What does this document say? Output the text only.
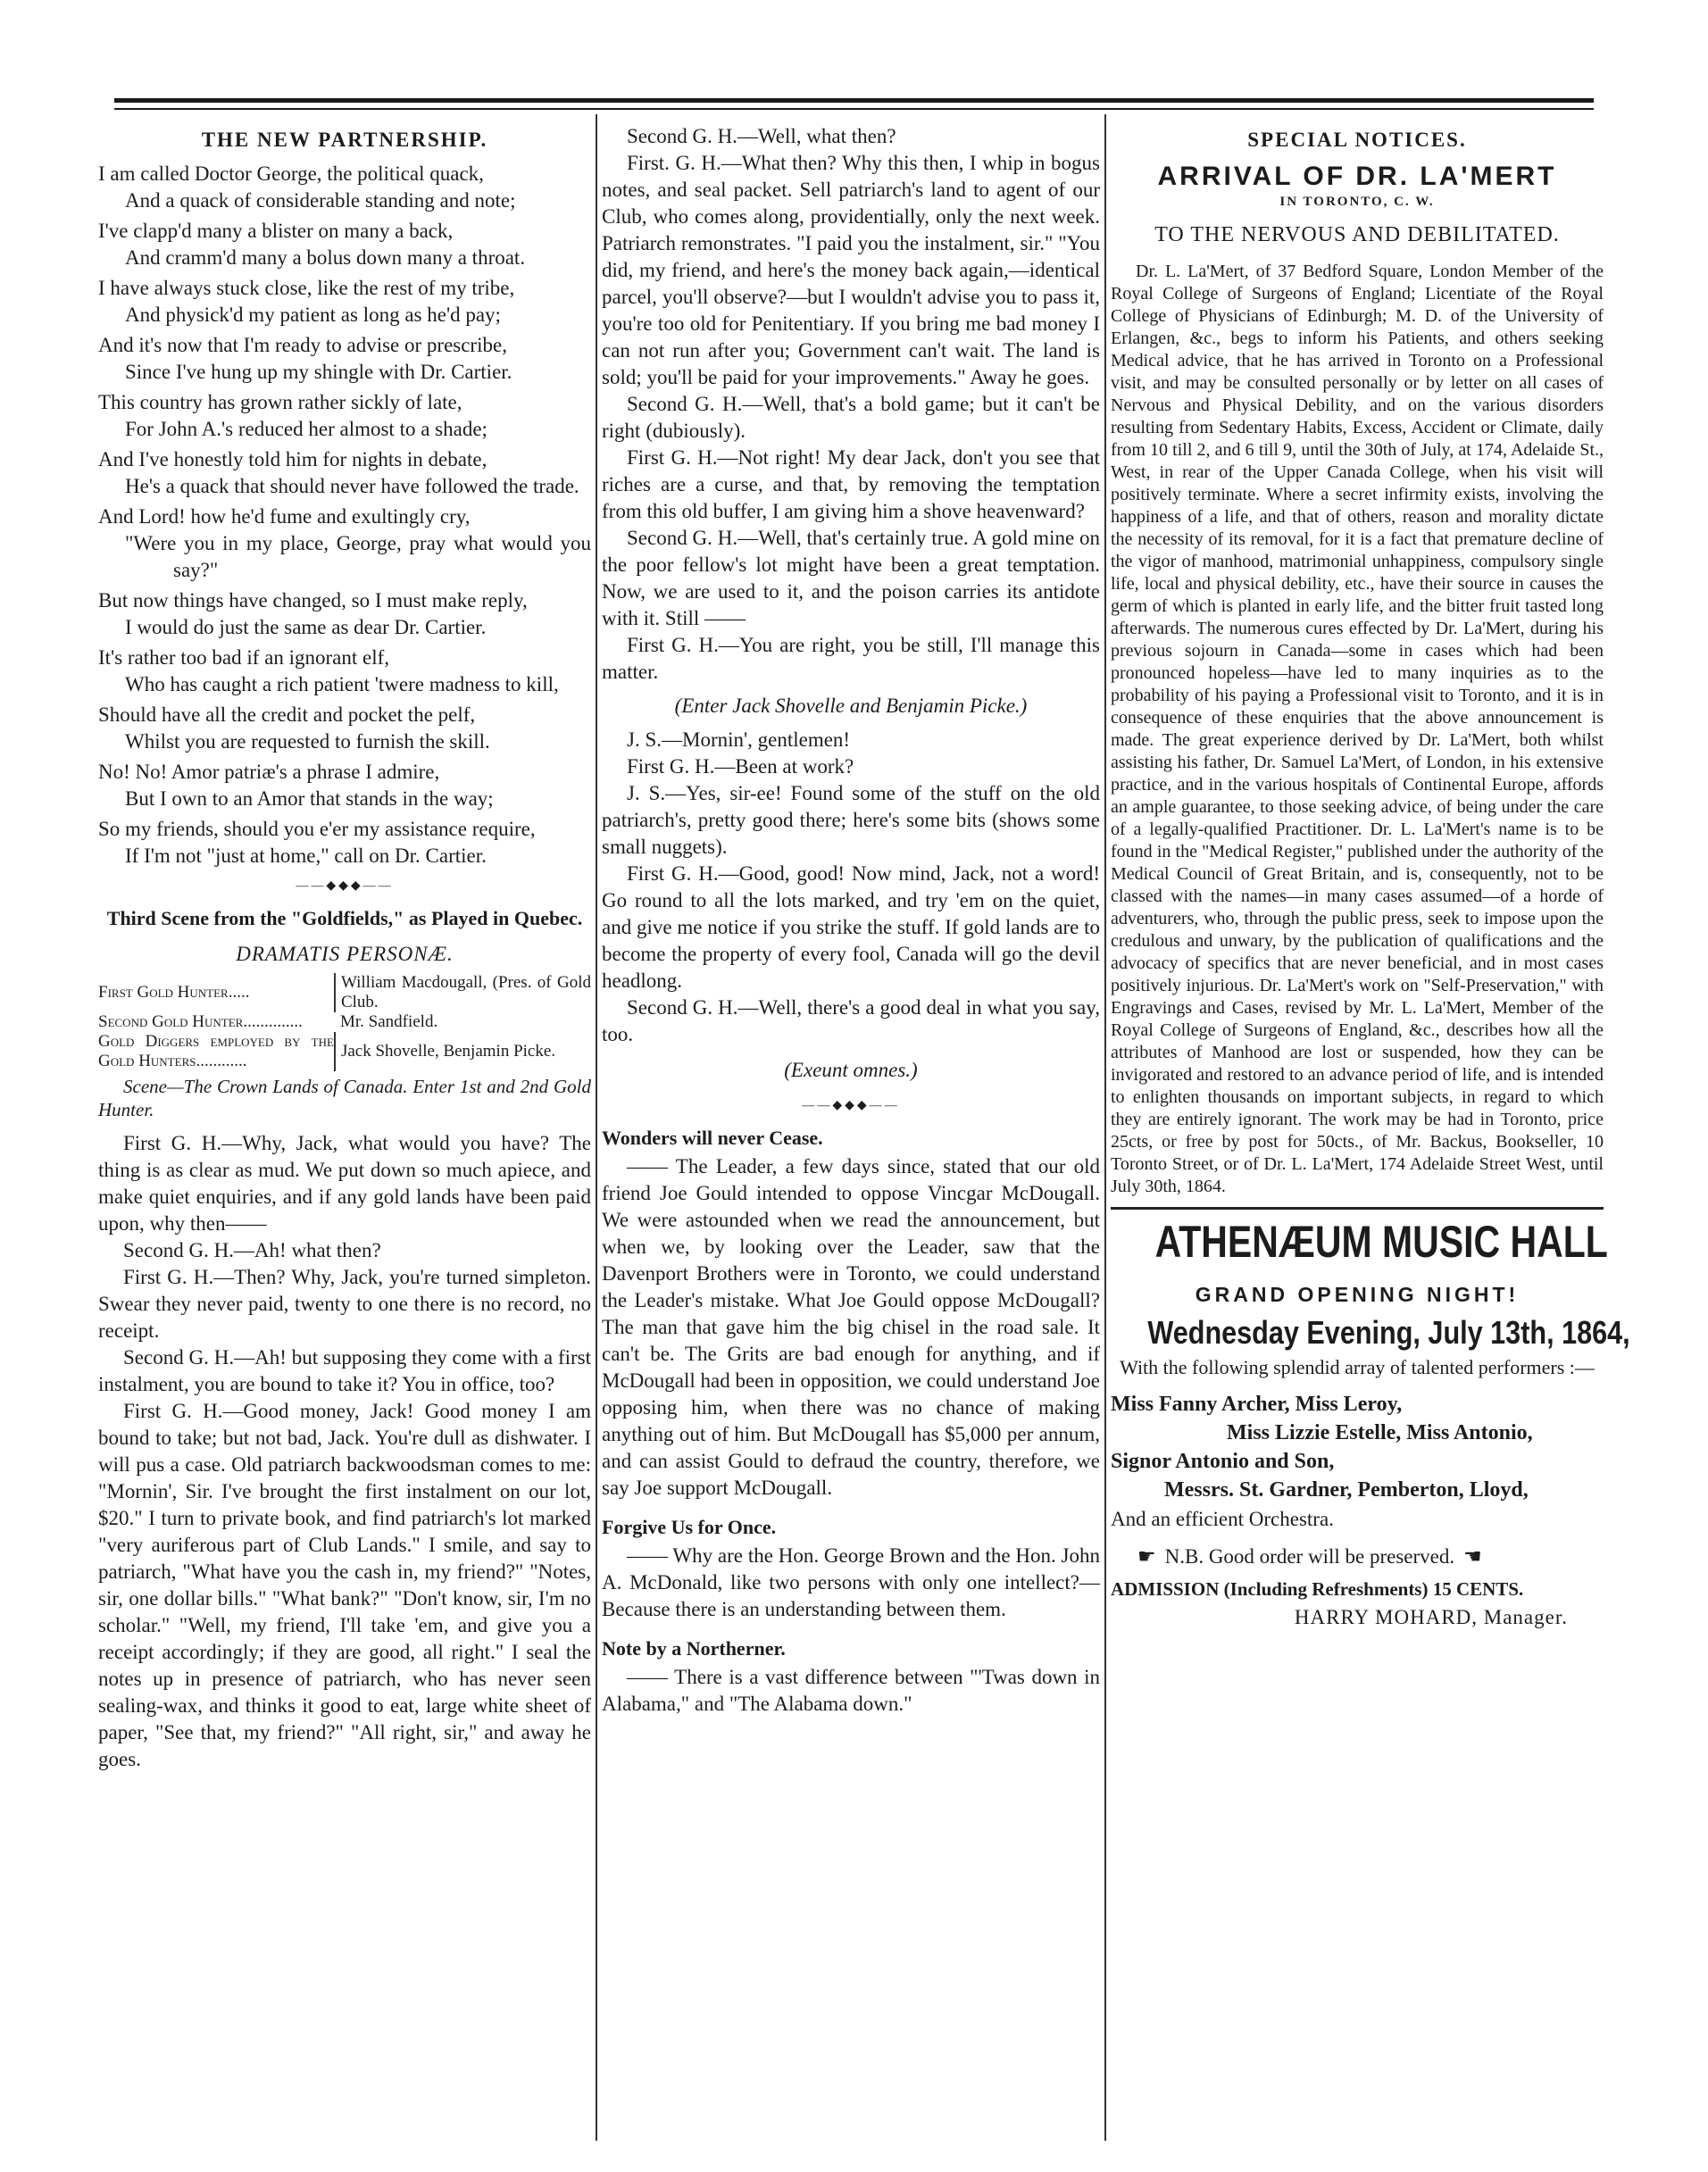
THE NEW PARTNERSHIP.

I am called Doctor George, the political quack,

And a quack of considerable standing and note;

I've clapp'd many a blister on many a back,

And cramm'd many a bolus down many a throat.

I have always stuck close, like the rest of my tribe,

And physick'd my patient as long as he'd pay;

And it's now that I'm ready to advise or prescribe,

Since I've hung up my shingle with Dr. Cartier.

This country has grown rather sickly of late,

For John A.'s reduced her almost to a shade;

And I've honestly told him for nights in debate,

He's a quack that should never have followed the trade.

And Lord! how he'd fume and exultingly cry,

"Were you in my place, George, pray what would you say?"

But now things have changed, so I must make reply,

I would do just the same as dear Dr. Cartier.

It's rather too bad if an ignorant elf,

Who has caught a rich patient 'twere madness to kill,

Should have all the credit and pocket the pelf,

Whilst you are requested to furnish the skill.

No! No! Amor patriæ's a phrase I admire,

But I own to an Amor that stands in the way;

So my friends, should you e'er my assistance require,

If I'm not "just at home," call on Dr. Cartier.

——◆◆◆——
Third Scene from the "Goldfields," as Played in Quebec.
DRAMATIS PERSONÆ.
First Gold Hunter.....	William Macdougall, (Pres. of Gold Club.
Second Gold Hunter..............	Mr. Sandfield.
Gold Diggers employed by the Gold Hunters............	Jack Shovelle, Benjamin Picke.

Scene—The Crown Lands of Canada. Enter 1st and 2nd Gold Hunter.

First G. H.—Why, Jack, what would you have? The thing is as clear as mud. We put down so much apiece, and make quiet enquiries, and if any gold lands have been paid upon, why then——

Second G. H.—Ah! what then?

First G. H.—Then? Why, Jack, you're turned simpleton. Swear they never paid, twenty to one there is no record, no receipt.

Second G. H.—Ah! but supposing they come with a first instalment, you are bound to take it? You in office, too?

First G. H.—Good money, Jack! Good money I am bound to take; but not bad, Jack. You're dull as dishwater. I will pus a case. Old patriarch backwoodsman comes to me: "Mornin', Sir. I've brought the first instalment on our lot, $20." I turn to private book, and find patriarch's lot marked "very auriferous part of Club Lands." I smile, and say to patriarch, "What have you the cash in, my friend?" "Notes, sir, one dollar bills." "What bank?" "Don't know, sir, I'm no scholar." "Well, my friend, I'll take 'em, and give you a receipt accordingly; if they are good, all right." I seal the notes up in presence of patriarch, who has never seen sealing-wax, and thinks it good to eat, large white sheet of paper, "See that, my friend?" "All right, sir," and away he goes.

Second G. H.—Well, what then?

First. G. H.—What then? Why this then, I whip in bogus notes, and seal packet. Sell patriarch's land to agent of our Club, who comes along, providentially, only the next week. Patriarch remonstrates. "I paid you the instalment, sir." "You did, my friend, and here's the money back again,—identical parcel, you'll observe?—but I wouldn't advise you to pass it, you're too old for Penitentiary. If you bring me bad money I can not run after you; Government can't wait. The land is sold; you'll be paid for your improvements." Away he goes.

Second G. H.—Well, that's a bold game; but it can't be right (dubiously).

First G. H.—Not right! My dear Jack, don't you see that riches are a curse, and that, by removing the temptation from this old buffer, I am giving him a shove heavenward?

Second G. H.—Well, that's certainly true. A gold mine on the poor fellow's lot might have been a great temptation. Now, we are used to it, and the poison carries its antidote with it. Still ——

First G. H.—You are right, you be still, I'll manage this matter.

(Enter Jack Shovelle and Benjamin Picke.)

J. S.—Mornin', gentlemen!

First G. H.—Been at work?

J. S.—Yes, sir-ee! Found some of the stuff on the old patriarch's, pretty good there; here's some bits (shows some small nuggets).

First G. H.—Good, good! Now mind, Jack, not a word! Go round to all the lots marked, and try 'em on the quiet, and give me notice if you strike the stuff. If gold lands are to become the property of every fool, Canada will go the devil headlong.

Second G. H.—Well, there's a good deal in what you say, too.

(Exeunt omnes.)

——◆◆◆——
Wonders will never Cease.

—— The Leader, a few days since, stated that our old friend Joe Gould intended to oppose Vincgar McDougall. We were astounded when we read the announcement, but when we, by looking over the Leader, saw that the Davenport Brothers were in Toronto, we could understand the Leader's mistake. What Joe Gould oppose McDougall? The man that gave him the big chisel in the road sale. It can't be. The Grits are bad enough for anything, and if McDougall had been in opposition, we could understand Joe opposing him, when there was no chance of making anything out of him. But McDougall has $5,000 per annum, and can assist Gould to defraud the country, therefore, we say Joe support McDougall.

Forgive Us for Once.

—— Why are the Hon. George Brown and the Hon. John A. McDonald, like two persons with only one intellect?—Because there is an understanding between them.

Note by a Northerner.

—— There is a vast difference between "'Twas down in Alabama," and "The Alabama down."

SPECIAL NOTICES.
ARRIVAL OF DR. LA'MERT
IN TORONTO, C. W.
TO THE NERVOUS AND DEBILITATED.

Dr. L. La'Mert, of 37 Bedford Square, London Member of the Royal College of Surgeons of England; Licentiate of the Royal College of Physicians of Edinburgh; M. D. of the University of Erlangen, &c., begs to inform his Patients, and others seeking Medical advice, that he has arrived in Toronto on a Professional visit, and may be consulted personally or by letter on all cases of Nervous and Physical Debility, and on the various disorders resulting from Sedentary Habits, Excess, Accident or Climate, daily from 10 till 2, and 6 till 9, until the 30th of July, at 174, Adelaide St., West, in rear of the Upper Canada College, when his visit will positively terminate. Where a secret infirmity exists, involving the happiness of a life, and that of others, reason and morality dictate the necessity of its removal, for it is a fact that premature decline of the vigor of manhood, matrimonial unhappiness, compulsory single life, local and physical debility, etc., have their source in causes the germ of which is planted in early life, and the bitter fruit tasted long afterwards. The numerous cures effected by Dr. La'Mert, during his previous sojourn in Canada—some in cases which had been pronounced hopeless—have led to many inquiries as to the probability of his paying a Professional visit to Toronto, and it is in consequence of these enquiries that the above announcement is made. The great experience derived by Dr. La'Mert, both whilst assisting his father, Dr. Samuel La'Mert, of London, in his extensive practice, and in the various hospitals of Continental Europe, affords an ample guarantee, to those seeking advice, of being under the care of a legally-qualified Practitioner. Dr. L. La'Mert's name is to be found in the "Medical Register," published under the authority of the Medical Council of Great Britain, and is, consequently, not to be classed with the names—in many cases assumed—of a horde of adventurers, who, through the public press, seek to impose upon the credulous and unwary, by the publication of qualifications and the advocacy of specifics that are never beneficial, and in most cases positively injurious. Dr. La'Mert's work on "Self-Preservation," with Engravings and Cases, revised by Mr. L. La'Mert, Member of the Royal College of Surgeons of England, &c., describes how all the attributes of Manhood are lost or suspended, how they can be invigorated and restored to an advance period of life, and is intended to enlighten thousands on important subjects, in regard to which they are entirely ignorant. The work may be had in Toronto, price 25cts, or free by post for 50cts., of Mr. Backus, Bookseller, 10 Toronto Street, or of Dr. L. La'Mert, 174 Adelaide Street West, until July 30th, 1864.

ATHENÆUM MUSIC HALL
GRAND OPENING NIGHT!
Wednesday Evening, July 13th, 1864,

With the following splendid array of talented performers :—

Miss Fanny Archer, Miss Leroy,
Miss Lizzie Estelle, Miss Antonio,
Signor Antonio and Son,
Messrs. St. Gardner, Pemberton, Lloyd,
And an efficient Orchestra.
☛ N.B. Good order will be preserved. ☚
ADMISSION (Including Refreshments) 15 CENTS.
HARRY MOHARD, Manager.
